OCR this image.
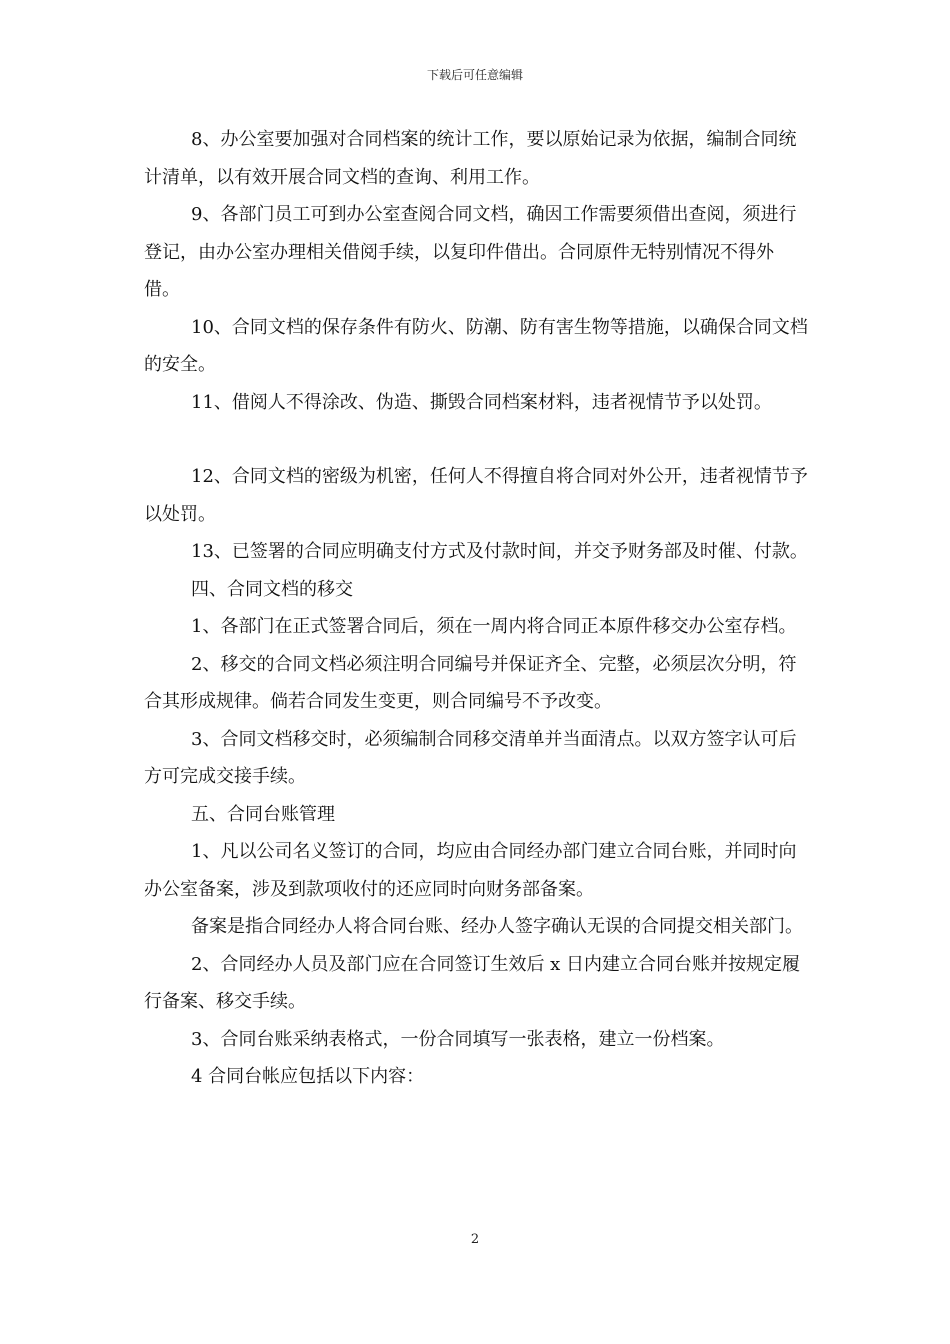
下载后可任意编辑

8、办公室要加强对合同档案的统计工作，要以原始记录为依据，编制合同统计清单，以有效开展合同文档的查询、利用工作。

9、各部门员工可到办公室查阅合同文档，确因工作需要须借出查阅，须进行登记，由办公室办理相关借阅手续，以复印件借出。合同原件无特别情况不得外借。

10、合同文档的保存条件有防火、防潮、防有害生物等措施，以确保合同文档的安全。

11、借阅人不得涂改、伪造、撕毁合同档案材料，违者视情节予以处罚。

12、合同文档的密级为机密，任何人不得擅自将合同对外公开，违者视情节予以处罚。

13、已签署的合同应明确支付方式及付款时间，并交予财务部及时催、付款。

四、合同文档的移交

1、各部门在正式签署合同后，须在一周内将合同正本原件移交办公室存档。

2、移交的合同文档必须注明合同编号并保证齐全、完整，必须层次分明，符合其形成规律。倘若合同发生变更，则合同编号不予改变。

3、合同文档移交时，必须编制合同移交清单并当面清点。以双方签字认可后方可完成交接手续。

五、合同台账管理

1、凡以公司名义签订的合同，均应由合同经办部门建立合同台账，并同时向办公室备案，涉及到款项收付的还应同时向财务部备案。

备案是指合同经办人将合同台账、经办人签字确认无误的合同提交相关部门。

2、合同经办人员及部门应在合同签订生效后 x 日内建立合同台账并按规定履行备案、移交手续。

3、合同台账采纳表格式，一份合同填写一张表格，建立一份档案。

4 合同台帐应包括以下内容：

2
